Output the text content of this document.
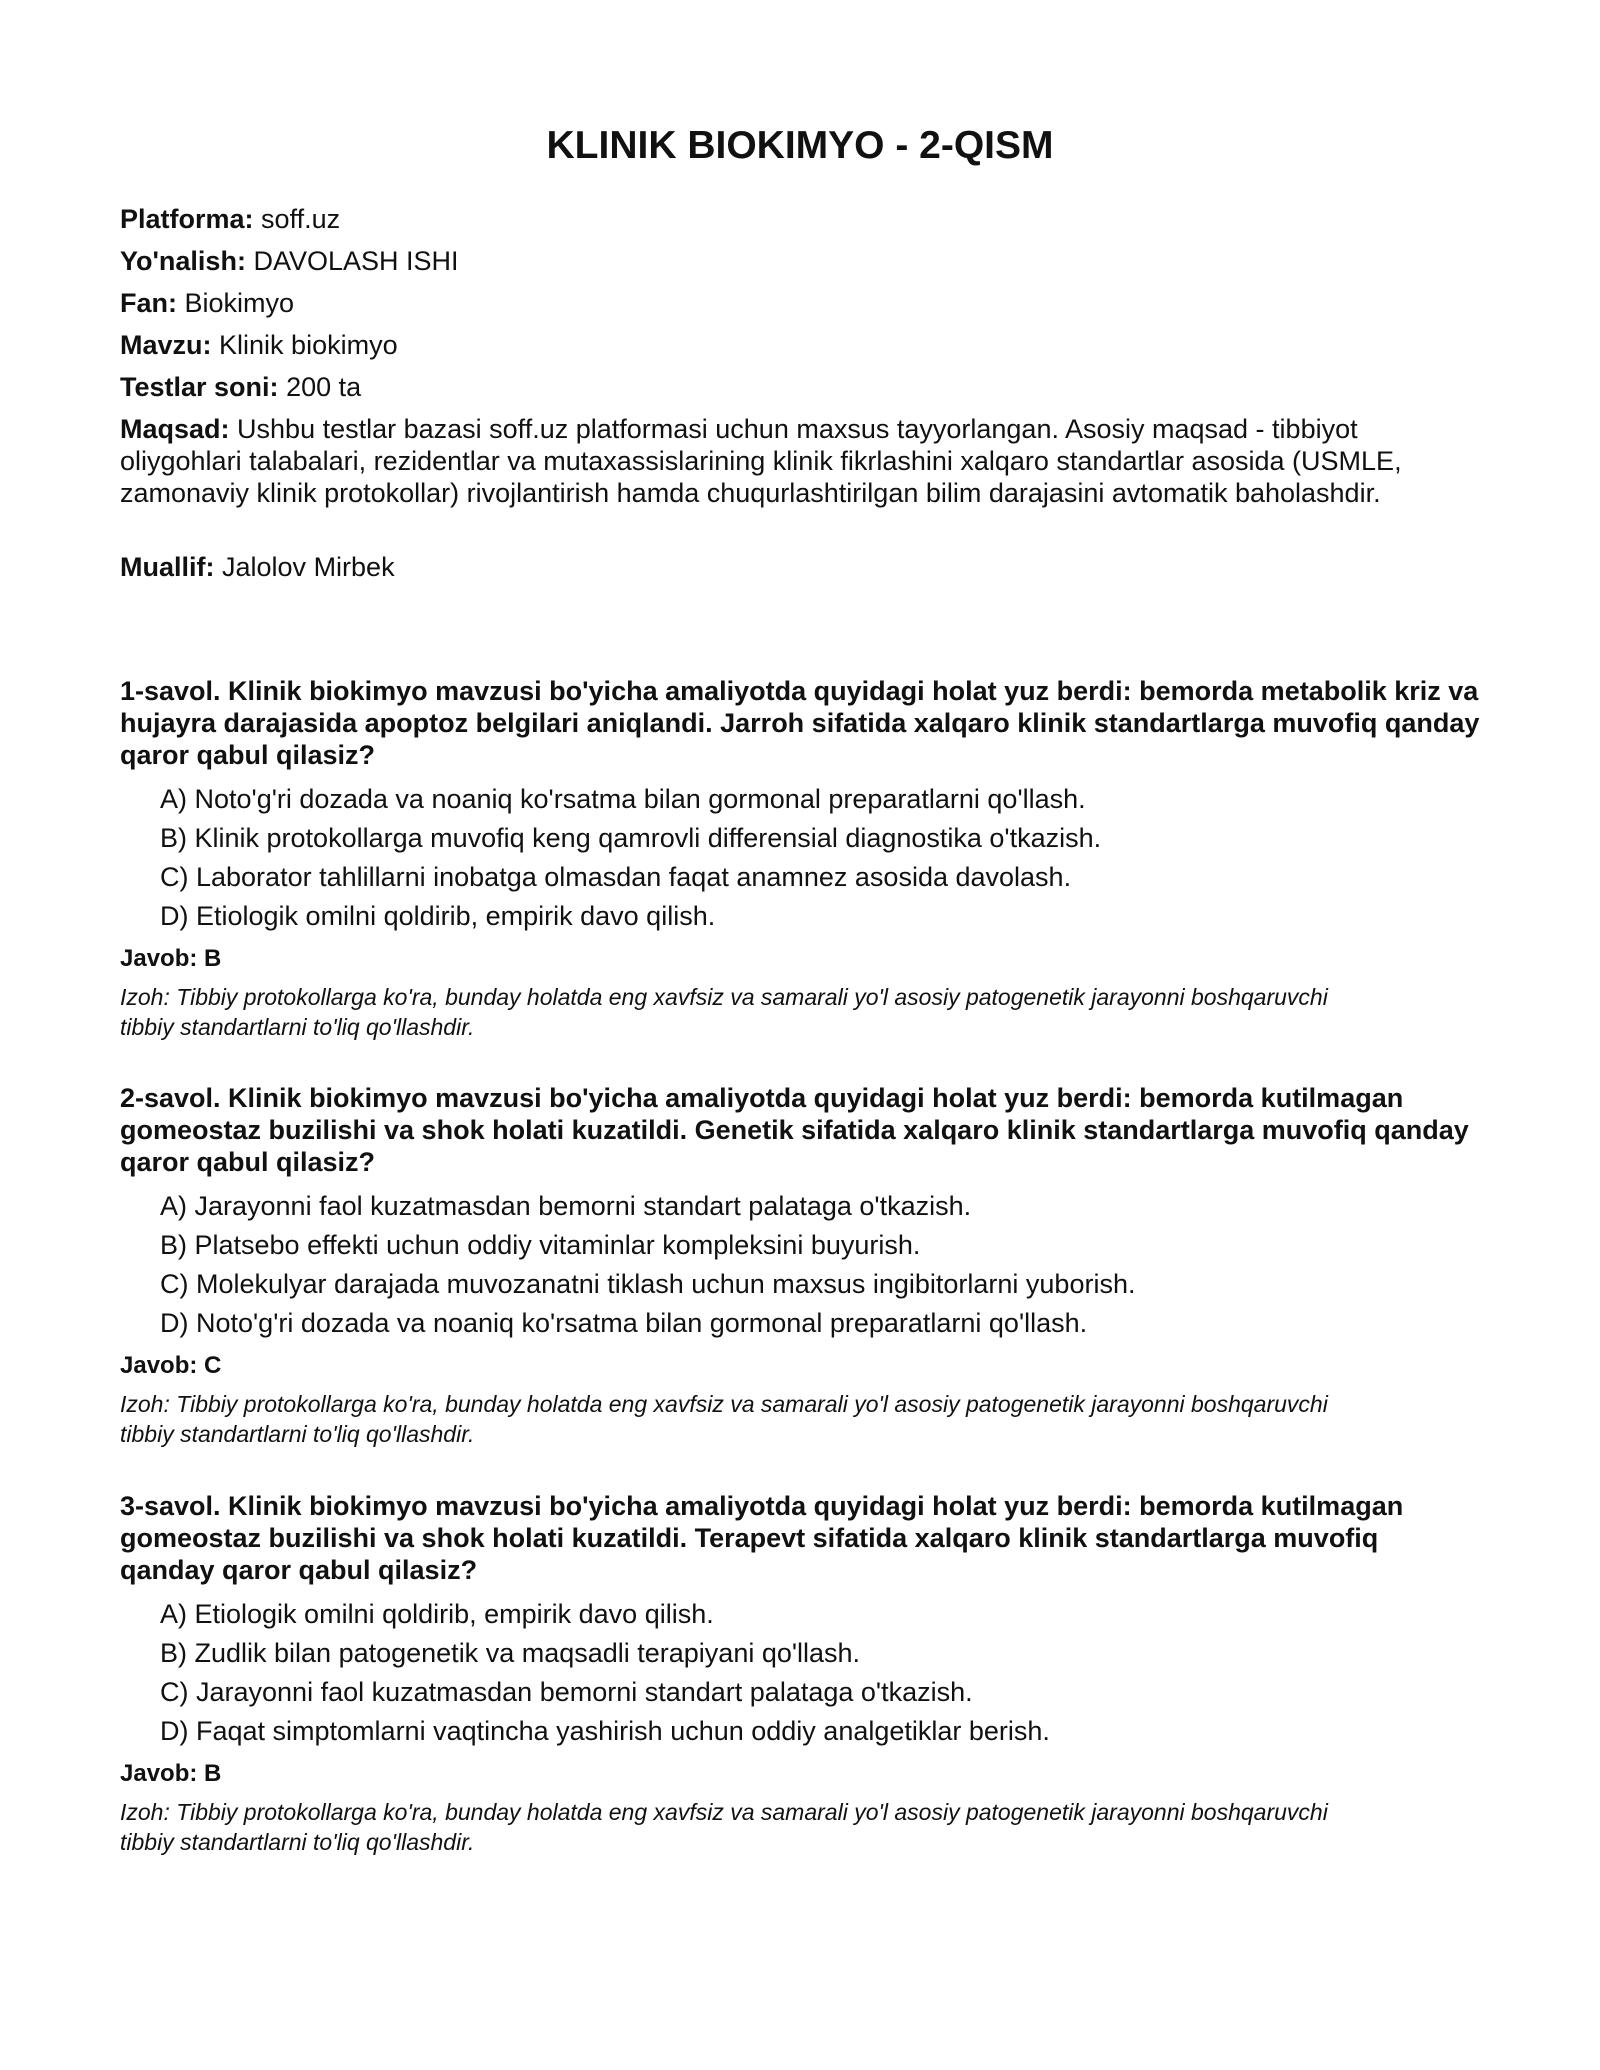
KLINIK BIOKIMYO - 2-QISM

Platforma: soff.uz

Yo'nalish: DAVOLASH ISHI

Fan: Biokimyo

Mavzu: Klinik biokimyo

Testlar soni: 200 ta

Maqsad: Ushbu testlar bazasi soff.uz platformasi uchun maxsus tayyorlangan. Asosiy maqsad - tibbiyot oliygohlari talabalari, rezidentlar va mutaxassislarining klinik fikrlashini xalqaro standartlar asosida (USMLE, zamonaviy klinik protokollar) rivojlantirish hamda chuqurlashtirilgan bilim darajasini avtomatik baholashdir.

Muallif: Jalolov Mirbek

1-savol. Klinik biokimyo mavzusi bo'yicha amaliyotda quyidagi holat yuz berdi: bemorda metabolik kriz va hujayra darajasida apoptoz belgilari aniqlandi. Jarroh sifatida xalqaro klinik standartlarga muvofiq qanday qaror qabul qilasiz?

A) Noto'g'ri dozada va noaniq ko'rsatma bilan gormonal preparatlarni qo'llash.

B) Klinik protokollarga muvofiq keng qamrovli differensial diagnostika o'tkazish.

C) Laborator tahlillarni inobatga olmasdan faqat anamnez asosida davolash.

D) Etiologik omilni qoldirib, empirik davo qilish.

Javob: B

Izoh: Tibbiy protokollarga ko'ra, bunday holatda eng xavfsiz va samarali yo'l asosiy patogenetik jarayonni boshqaruvchi tibbiy standartlarni to'liq qo'llashdir.

2-savol. Klinik biokimyo mavzusi bo'yicha amaliyotda quyidagi holat yuz berdi: bemorda kutilmagan gomeostaz buzilishi va shok holati kuzatildi. Genetik sifatida xalqaro klinik standartlarga muvofiq qanday qaror qabul qilasiz?

A) Jarayonni faol kuzatmasdan bemorni standart palataga o'tkazish.

B) Platsebo effekti uchun oddiy vitaminlar kompleksini buyurish.

C) Molekulyar darajada muvozanatni tiklash uchun maxsus ingibitorlarni yuborish.

D) Noto'g'ri dozada va noaniq ko'rsatma bilan gormonal preparatlarni qo'llash.

Javob: C

Izoh: Tibbiy protokollarga ko'ra, bunday holatda eng xavfsiz va samarali yo'l asosiy patogenetik jarayonni boshqaruvchi tibbiy standartlarni to'liq qo'llashdir.

3-savol. Klinik biokimyo mavzusi bo'yicha amaliyotda quyidagi holat yuz berdi: bemorda kutilmagan gomeostaz buzilishi va shok holati kuzatildi. Terapevt sifatida xalqaro klinik standartlarga muvofiq qanday qaror qabul qilasiz?

A) Etiologik omilni qoldirib, empirik davo qilish.

B) Zudlik bilan patogenetik va maqsadli terapiyani qo'llash.

C) Jarayonni faol kuzatmasdan bemorni standart palataga o'tkazish.

D) Faqat simptomlarni vaqtincha yashirish uchun oddiy analgetiklar berish.

Javob: B

Izoh: Tibbiy protokollarga ko'ra, bunday holatda eng xavfsiz va samarali yo'l asosiy patogenetik jarayonni boshqaruvchi tibbiy standartlarni to'liq qo'llashdir.
